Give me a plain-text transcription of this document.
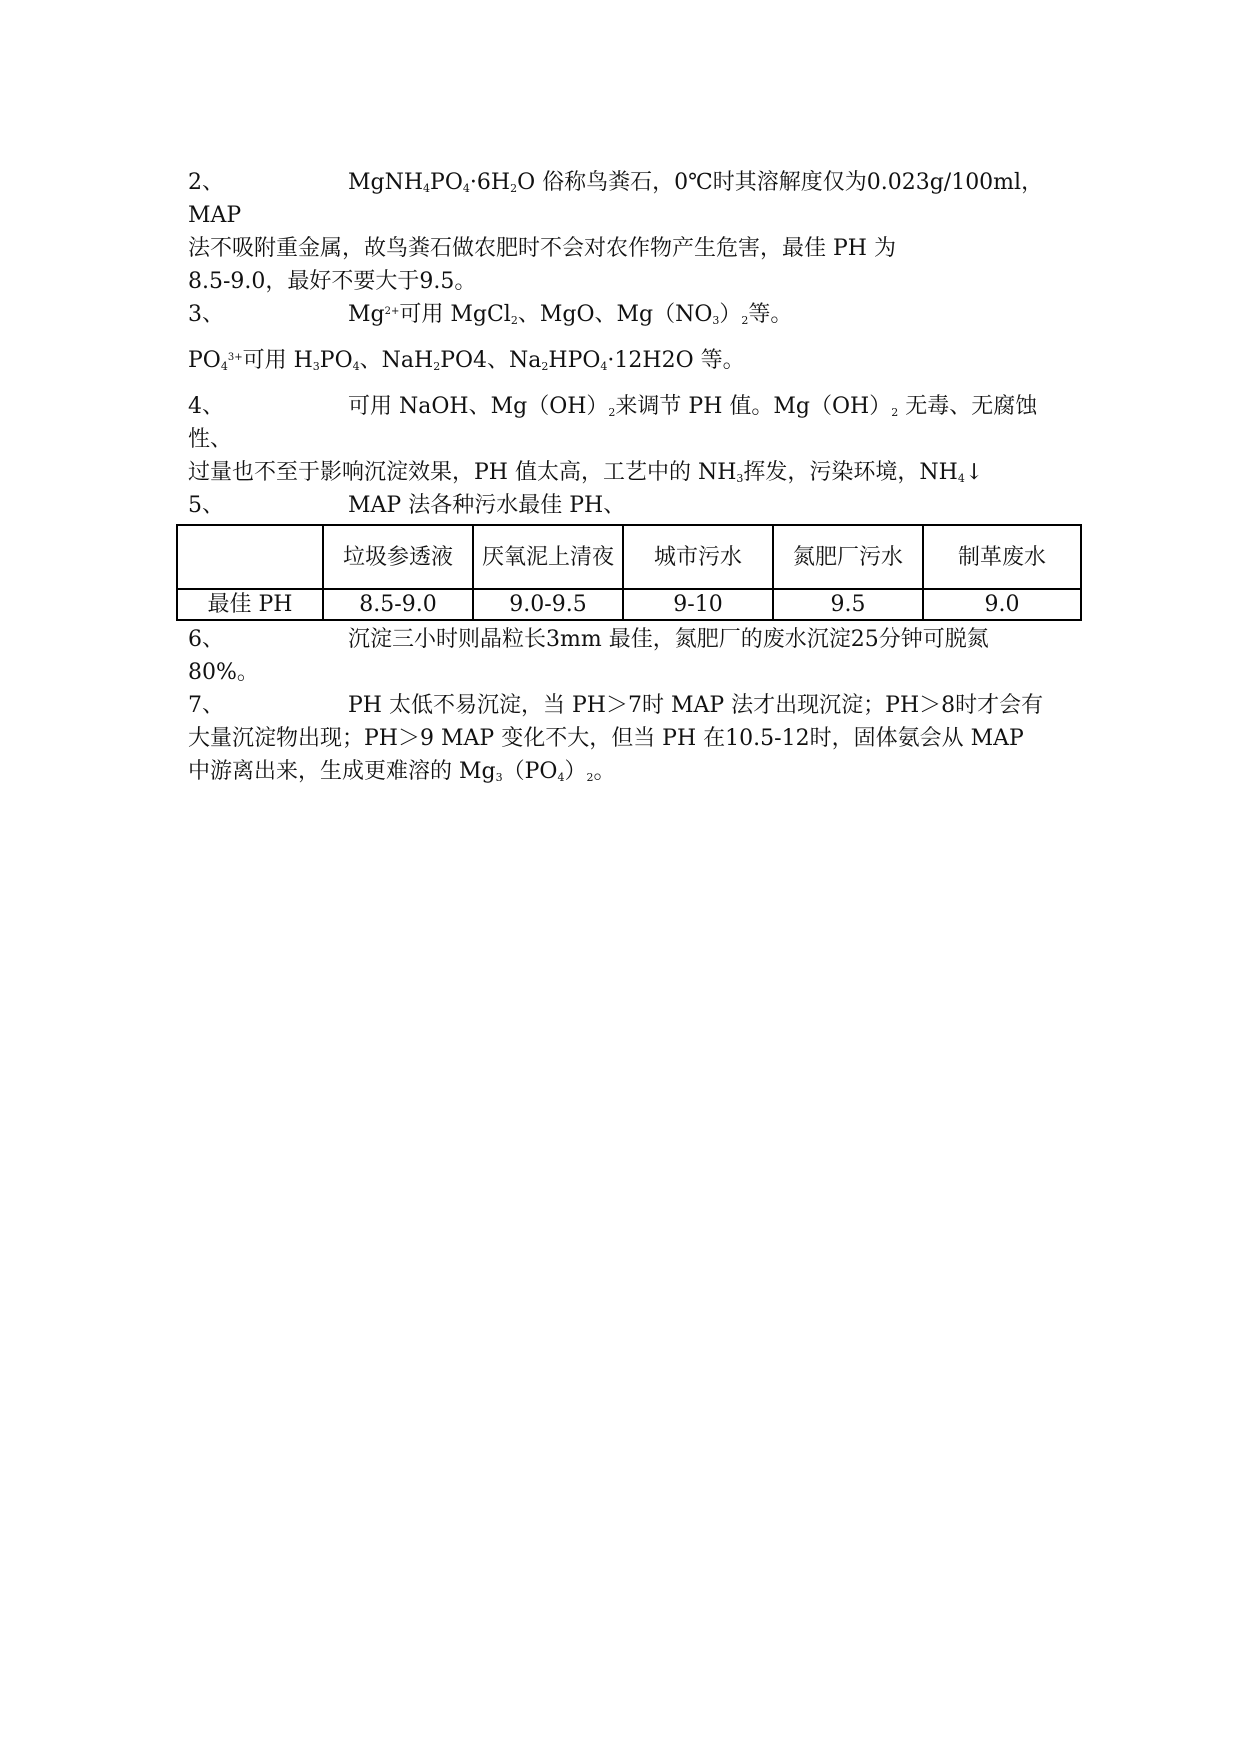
2、	$MgNH_4PO_4\cdot 6H_2O$ 俗称鸟粪石，0℃时其溶解度仅为0.023g/100ml，MAP

法不吸附重金属，故鸟粪石做农肥时不会对农作物产生危害，最佳 PH 为

8.5-9.0，最好不要大于9.5。

3、	$Mg^{2+}$可用 MgCl$_2$、MgO、$Mg(NO_3)_2$等。

$PO_4^{3+}$可用 $H_3PO_4$、NaH$_2$PO4、$Na_2HPO_4\cdot 12H2O$ 等。

4、	可用 NaOH、$Mg(OH)_2$来调节 PH 值。$Mg(OH)_2$ 无毒、无腐蚀性、

过量也不至于影响沉淀效果，PH 值太高，工艺中的 $NH_3$挥发，污染环境，$NH_4↓$

5、	MAP 法各种污水最佳 PH、

	垃圾参透液	厌氧泥上清夜	城市污水	氮肥厂污水	制革废水
最佳 PH	8.5-9.0	9.0-9.5	9-10	9.5	9.0

6、	沉淀三小时则晶粒长3mm 最佳，氮肥厂的废水沉淀25分钟可脱氮

80%。

7、	PH 太低不易沉淀，当 PH＞7时 MAP 法才出现沉淀；PH＞8时才会有

大量沉淀物出现；PH＞9 MAP 变化不大，但当 PH 在10.5-12时，固体氨会从 MAP

中游离出来，生成更难溶的 $Mg_3(PO_4)_2$。
